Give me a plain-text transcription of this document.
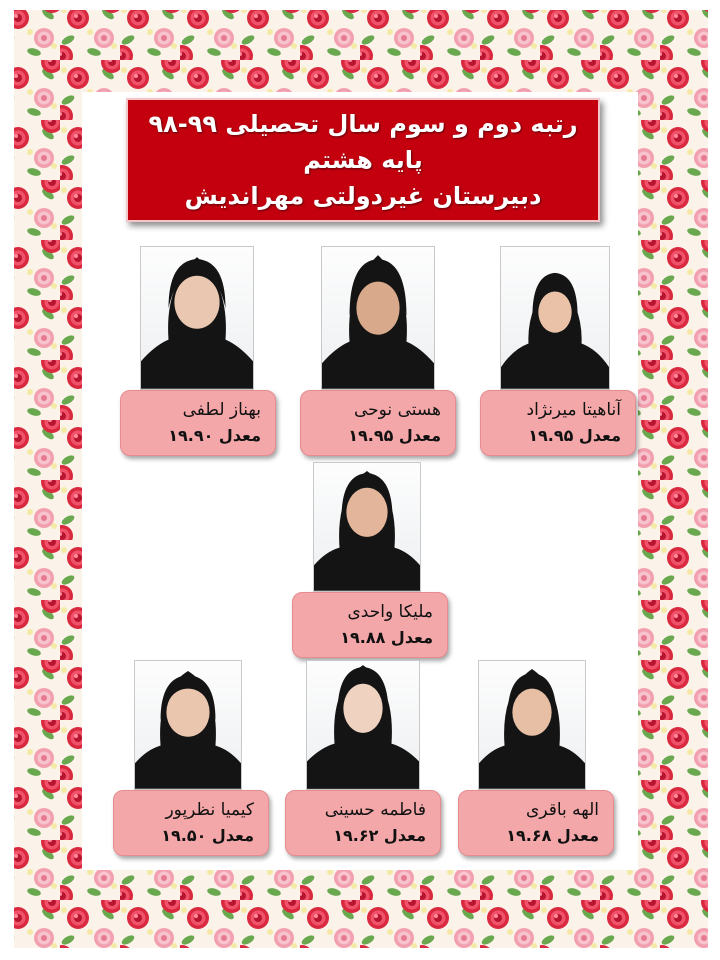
رتبه دوم و سوم سال تحصیلی ۹۹-۹۸
پایه هشتم
دبیرستان غیردولتی مهراندیش
آناهیتا میرنژاد
معدل ۱۹.۹۵
هستی نوحی
معدل ۱۹.۹۵
بهناز لطفی
معدل ۱۹.۹۰
ملیکا واحدی
معدل ۱۹.۸۸
الهه باقری
معدل ۱۹.۶۸
فاطمه حسینی
معدل ۱۹.۶۲
کیمیا نظرپور
معدل ۱۹.۵۰
